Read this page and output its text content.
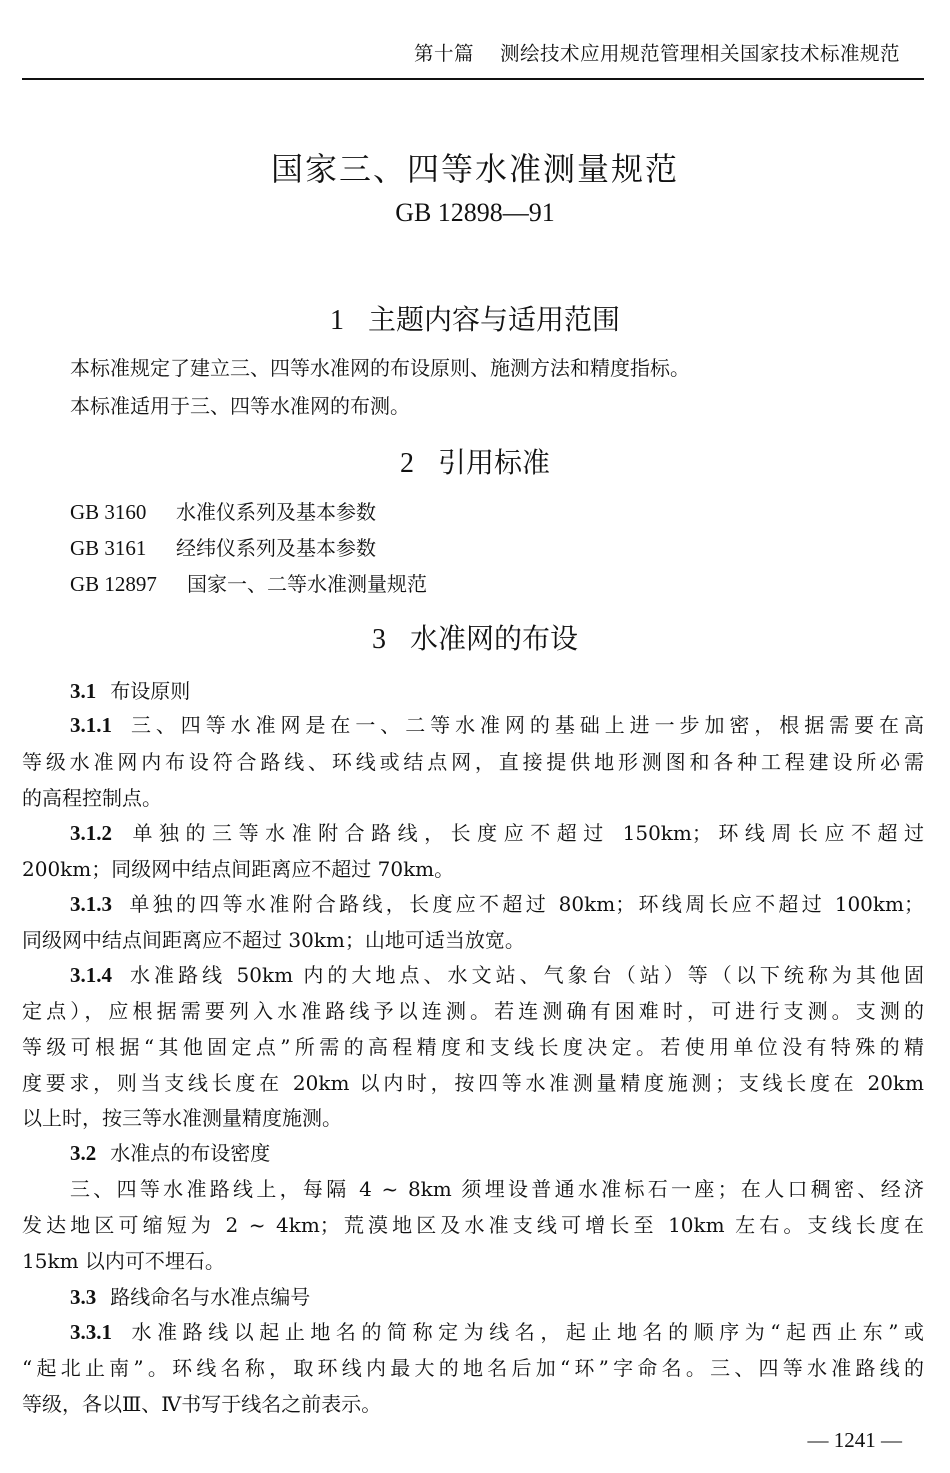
第十篇 测绘技术应用规范管理相关国家技术标准规范
国家三、四等水准测量规范
GB 12898—91
1 主题内容与适用范围
本标准规定了建立三、四等水准网的布设原则、施测方法和精度指标。
本标准适用于三、四等水准网的布测。
2 引用标准
GB 3160 水准仪系列及基本参数
GB 3161 经纬仪系列及基本参数
GB 12897 国家一、二等水准测量规范
3 水准网的布设
3.1 布设原则
3.1.1 三、四等水准网是在一、二等水准网的基础上进一步加密，根据需要在高
等级水准网内布设符合路线、环线或结点网，直接提供地形测图和各种工程建设所必需
的高程控制点。
3.1.2 单独的三等水准附合路线，长度应不超过 150km；环线周长应不超过
200km；同级网中结点间距离应不超过 70km。
3.1.3 单独的四等水准附合路线，长度应不超过 80km；环线周长应不超过 100km；
同级网中结点间距离应不超过 30km；山地可适当放宽。
3.1.4 水准路线 50km 内的大地点、水文站、气象台（站）等（以下统称为其他固
定点），应根据需要列入水准路线予以连测。若连测确有困难时，可进行支测。支测的
等级可根据“其他固定点”所需的高程精度和支线长度决定。若使用单位没有特殊的精
度要求，则当支线长度在 20km 以内时，按四等水准测量精度施测；支线长度在 20km
以上时，按三等水准测量精度施测。
3.2 水准点的布设密度
三、四等水准路线上，每隔 4 ~ 8km 须埋设普通水准标石一座；在人口稠密、经济
发达地区可缩短为 2 ~ 4km；荒漠地区及水准支线可增长至 10km 左右。支线长度在
15km 以内可不埋石。
3.3 路线命名与水准点编号
3.3.1 水准路线以起止地名的简称定为线名，起止地名的顺序为“起西止东”或
“起北止南”。环线名称，取环线内最大的地名后加“环”字命名。三、四等水准路线的
等级，各以Ⅲ、Ⅳ书写于线名之前表示。
— 1241 —
